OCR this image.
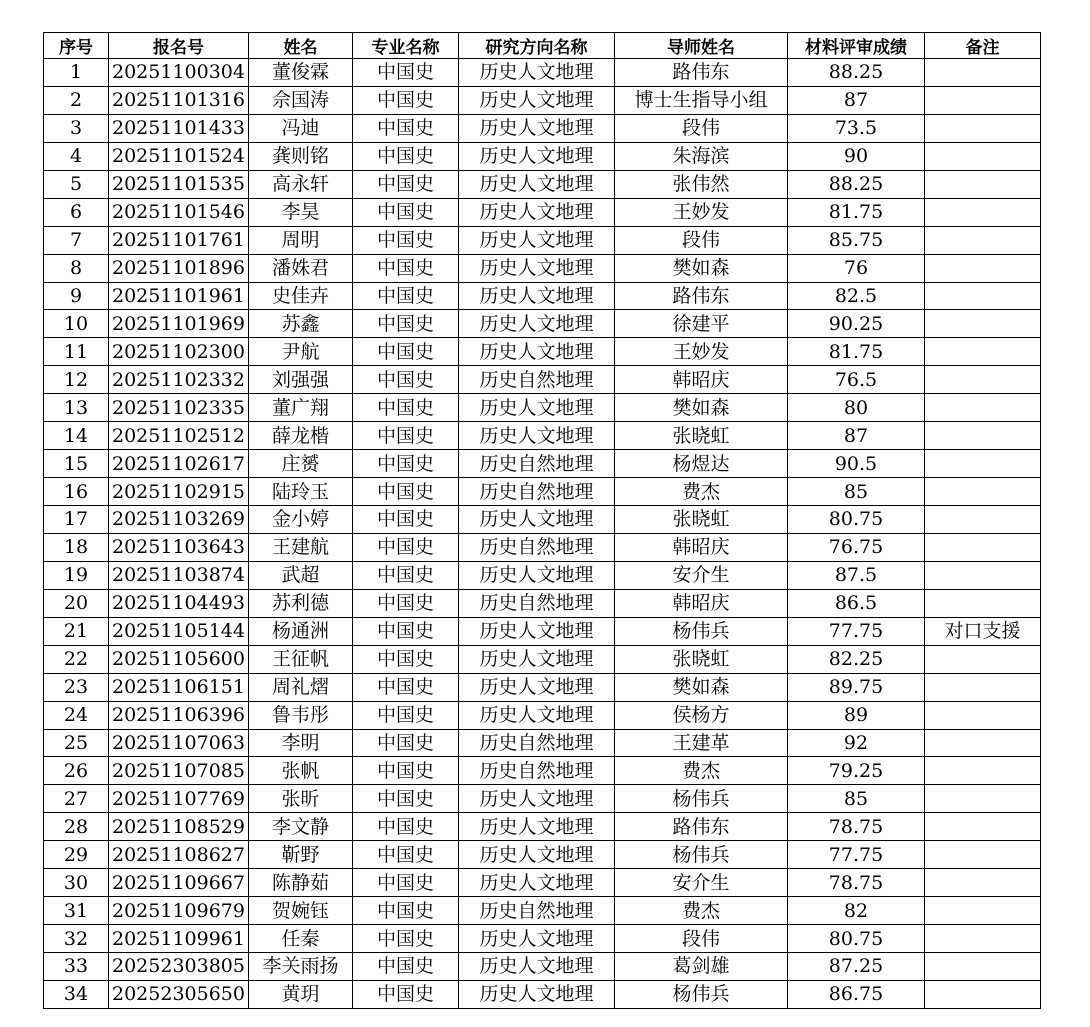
序号	报名号	姓名	专业名称	研究方向名称	导师姓名	材料评审成绩	备注
1	20251100304	董俊霖	中国史	历史人文地理	路伟东	88.25	
2	20251101316	佘国涛	中国史	历史人文地理	博士生指导小组	87	
3	20251101433	冯迪	中国史	历史人文地理	段伟	73.5	
4	20251101524	龚则铭	中国史	历史人文地理	朱海滨	90	
5	20251101535	高永轩	中国史	历史人文地理	张伟然	88.25	
6	20251101546	李昊	中国史	历史人文地理	王妙发	81.75	
7	20251101761	周明	中国史	历史人文地理	段伟	85.75	
8	20251101896	潘姝君	中国史	历史人文地理	樊如森	76	
9	20251101961	史佳卉	中国史	历史人文地理	路伟东	82.5	
10	20251101969	苏鑫	中国史	历史人文地理	徐建平	90.25	
11	20251102300	尹航	中国史	历史人文地理	王妙发	81.75	
12	20251102332	刘强强	中国史	历史自然地理	韩昭庆	76.5	
13	20251102335	董广翔	中国史	历史人文地理	樊如森	80	
14	20251102512	薛龙楷	中国史	历史人文地理	张晓虹	87	
15	20251102617	庄赟	中国史	历史自然地理	杨煜达	90.5	
16	20251102915	陆玲玉	中国史	历史自然地理	费杰	85	
17	20251103269	金小婷	中国史	历史人文地理	张晓虹	80.75	
18	20251103643	王建航	中国史	历史自然地理	韩昭庆	76.75	
19	20251103874	武超	中国史	历史人文地理	安介生	87.5	
20	20251104493	苏利德	中国史	历史自然地理	韩昭庆	86.5	
21	20251105144	杨通洲	中国史	历史人文地理	杨伟兵	77.75	对口支援
22	20251105600	王征帆	中国史	历史人文地理	张晓虹	82.25	
23	20251106151	周礼熠	中国史	历史人文地理	樊如森	89.75	
24	20251106396	鲁韦彤	中国史	历史人文地理	侯杨方	89	
25	20251107063	李明	中国史	历史自然地理	王建革	92	
26	20251107085	张帆	中国史	历史自然地理	费杰	79.25	
27	20251107769	张昕	中国史	历史人文地理	杨伟兵	85	
28	20251108529	李文静	中国史	历史人文地理	路伟东	78.75	
29	20251108627	靳野	中国史	历史人文地理	杨伟兵	77.75	
30	20251109667	陈静茹	中国史	历史人文地理	安介生	78.75	
31	20251109679	贺婉钰	中国史	历史自然地理	费杰	82	
32	20251109961	任秦	中国史	历史人文地理	段伟	80.75	
33	20252303805	李关雨扬	中国史	历史人文地理	葛剑雄	87.25	
34	20252305650	黄玥	中国史	历史人文地理	杨伟兵	86.75	
